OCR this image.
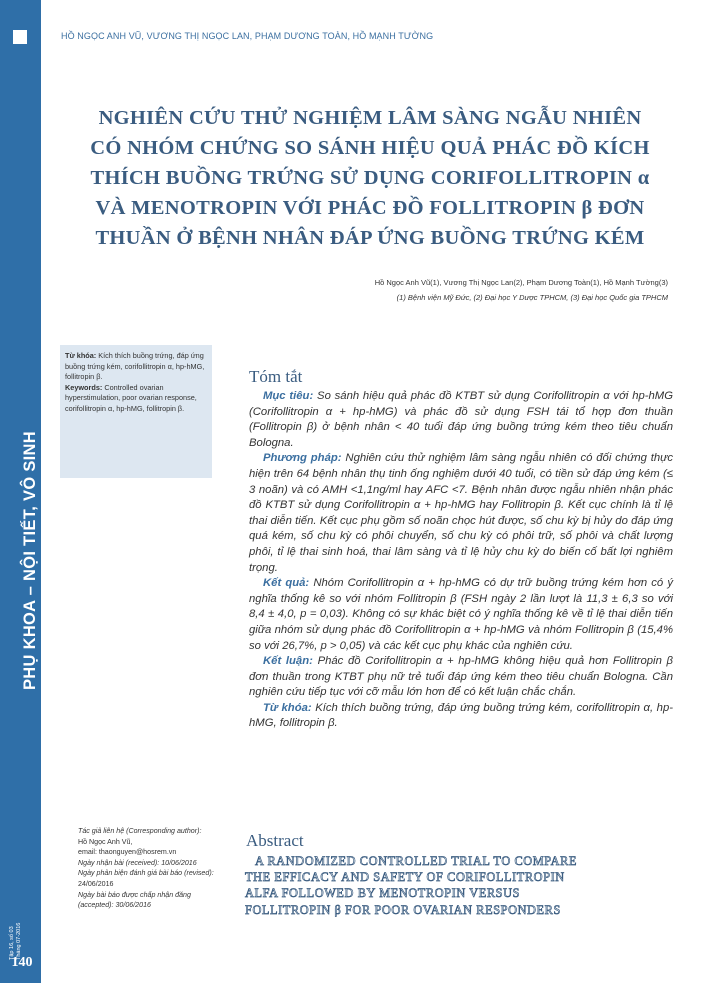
PHỤ KHOA – NỘI TIẾT, VÔ SINH
Tập 16, số 03
Tháng 07-2016
140
HỒ NGỌC ANH VŨ, VƯƠNG THỊ NGỌC LAN, PHẠM DƯƠNG TOÀN, HỒ MẠNH TƯỜNG
NGHIÊN CỨU THỬ NGHIỆM LÂM SÀNG NGẪU NHIÊN
CÓ NHÓM CHỨNG SO SÁNH HIỆU QUẢ PHÁC ĐỒ KÍCH
THÍCH BUỒNG TRỨNG SỬ DỤNG CORIFOLLITROPIN α
VÀ MENOTROPIN VỚI PHÁC ĐỒ FOLLITROPIN β ĐƠN
THUẦN Ở BỆNH NHÂN ĐÁP ỨNG BUỒNG TRỨNG KÉM
Hồ Ngọc Anh Vũ(1), Vương Thị Ngọc Lan(2), Phạm Dương Toàn(1), Hồ Mạnh Tường(3)
(1) Bệnh viện Mỹ Đức, (2) Đại học Y Dược TPHCM, (3) Đại học Quốc gia TPHCM
Từ khóa: Kích thích buồng trứng, đáp ứng buồng trứng kém, corifollitropin α, hp-hMG, follitropin β.
Keywords: Controlled ovarian hyperstimulation, poor ovarian response, corifollitropin α, hp-hMG, follitropin β.
Tác giả liên hệ (Corresponding author):
Hồ Ngọc Anh Vũ,
email: thaonguyen@hosrem.vn
Ngày nhận bài (received): 10/06/2016
Ngày phản biện đánh giá bài báo (revised):
24/06/2016
Ngày bài báo được chấp nhận đăng
(accepted): 30/06/2016
Tóm tắt

Mục tiêu: So sánh hiệu quả phác đồ KTBT sử dụng Corifollitropin α với hp-hMG (Corifollitropin α + hp-hMG) và phác đồ sử dụng FSH tái tổ hợp đơn thuần (Follitropin β) ở bệnh nhân < 40 tuổi đáp ứng buồng trứng kém theo tiêu chuẩn Bologna.

Phương pháp: Nghiên cứu thử nghiệm lâm sàng ngẫu nhiên có đối chứng thực hiện trên 64 bệnh nhân thụ tinh ống nghiệm dưới 40 tuổi, có tiền sử đáp ứng kém (≤ 3 noãn) và có AMH <1,1ng/ml hay AFC <7. Bệnh nhân được ngẫu nhiên nhận phác đồ KTBT sử dụng Corifollitropin α + hp-hMG hay Follitropin β. Kết cục chính là tỉ lệ thai diễn tiến. Kết cục phụ gồm số noãn chọc hút được, số chu kỳ bị hủy do đáp ứng quá kém, số chu kỳ có phôi chuyển, số chu kỳ có phôi trữ, số phôi và chất lượng phôi, tỉ lệ thai sinh hoá, thai lâm sàng và tỉ lệ hủy chu kỳ do biến cố bất lợi nghiêm trọng.

Kết quả: Nhóm Corifollitropin α + hp-hMG có dự trữ buồng trứng kém hơn có ý nghĩa thống kê so với nhóm Follitropin β (FSH ngày 2 lần lượt là 11,3 ± 6,3 so với 8,4 ± 4,0, p = 0,03). Không có sự khác biệt có ý nghĩa thống kê về tỉ lệ thai diễn tiến giữa nhóm sử dụng phác đồ Corifollitropin α + hp-hMG và nhóm Follitropin β (15,4% so với 26,7%, p > 0,05) và các kết cục phụ khác của nghiên cứu.

Kết luận: Phác đồ Corifollitropin α + hp-hMG không hiệu quả hơn Follitropin β đơn thuần trong KTBT phụ nữ trẻ tuổi đáp ứng kém theo tiêu chuẩn Bologna. Cần nghiên cứu tiếp tục với cỡ mẫu lớn hơn để có kết luận chắc chắn.

Từ khóa: Kích thích buồng trứng, đáp ứng buồng trứng kém, corifollitropin α, hp-hMG, follitropin β.

Abstract
A RANDOMIZED CONTROLLED TRIAL TO COMPARE
THE EFFICACY AND SAFETY OF CORIFOLLITROPIN
ALFA FOLLOWED BY MENOTROPIN VERSUS
FOLLITROPIN β FOR POOR OVARIAN RESPONDERS
